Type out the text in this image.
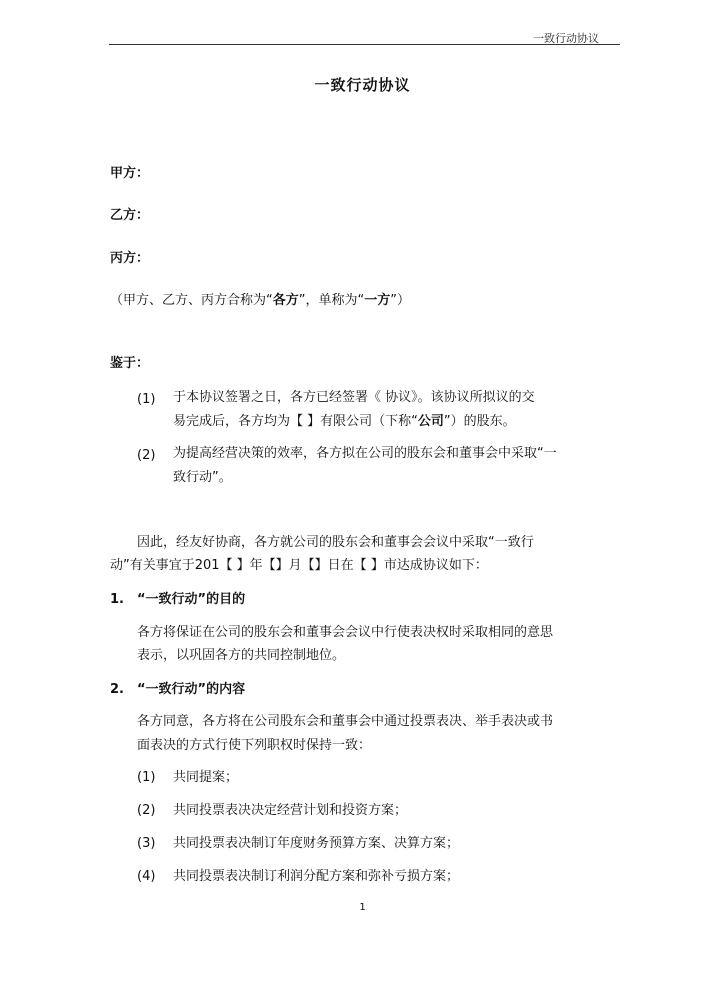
一致行动协议
一致行动协议
甲方：
乙方：
丙方：
（甲方、乙方、丙方合称为“各方”，单称为“一方”）
鉴于：
(1) 于本协议签署之日，各方已经签署《 协议》。该协议所拟议的交
易完成后，各方均为【 】有限公司（下称“公司”）的股东。
(2) 为提高经营决策的效率，各方拟在公司的股东会和董事会中采取“一
致行动”。
因此，经友好协商，各方就公司的股东会和董事会会议中采取“一致行
动”有关事宜于201【 】年【】月【】日在【 】市达成协议如下：
1. “一致行动”的目的
各方将保证在公司的股东会和董事会会议中行使表决权时采取相同的意思
表示，以巩固各方的共同控制地位。
2. “一致行动”的内容
各方同意，各方将在公司股东会和董事会中通过投票表决、举手表决或书
面表决的方式行使下列职权时保持一致：
(1) 共同提案；
(2) 共同投票表决决定经营计划和投资方案；
(3) 共同投票表决制订年度财务预算方案、决算方案；
(4) 共同投票表决制订利润分配方案和弥补亏损方案；
1
